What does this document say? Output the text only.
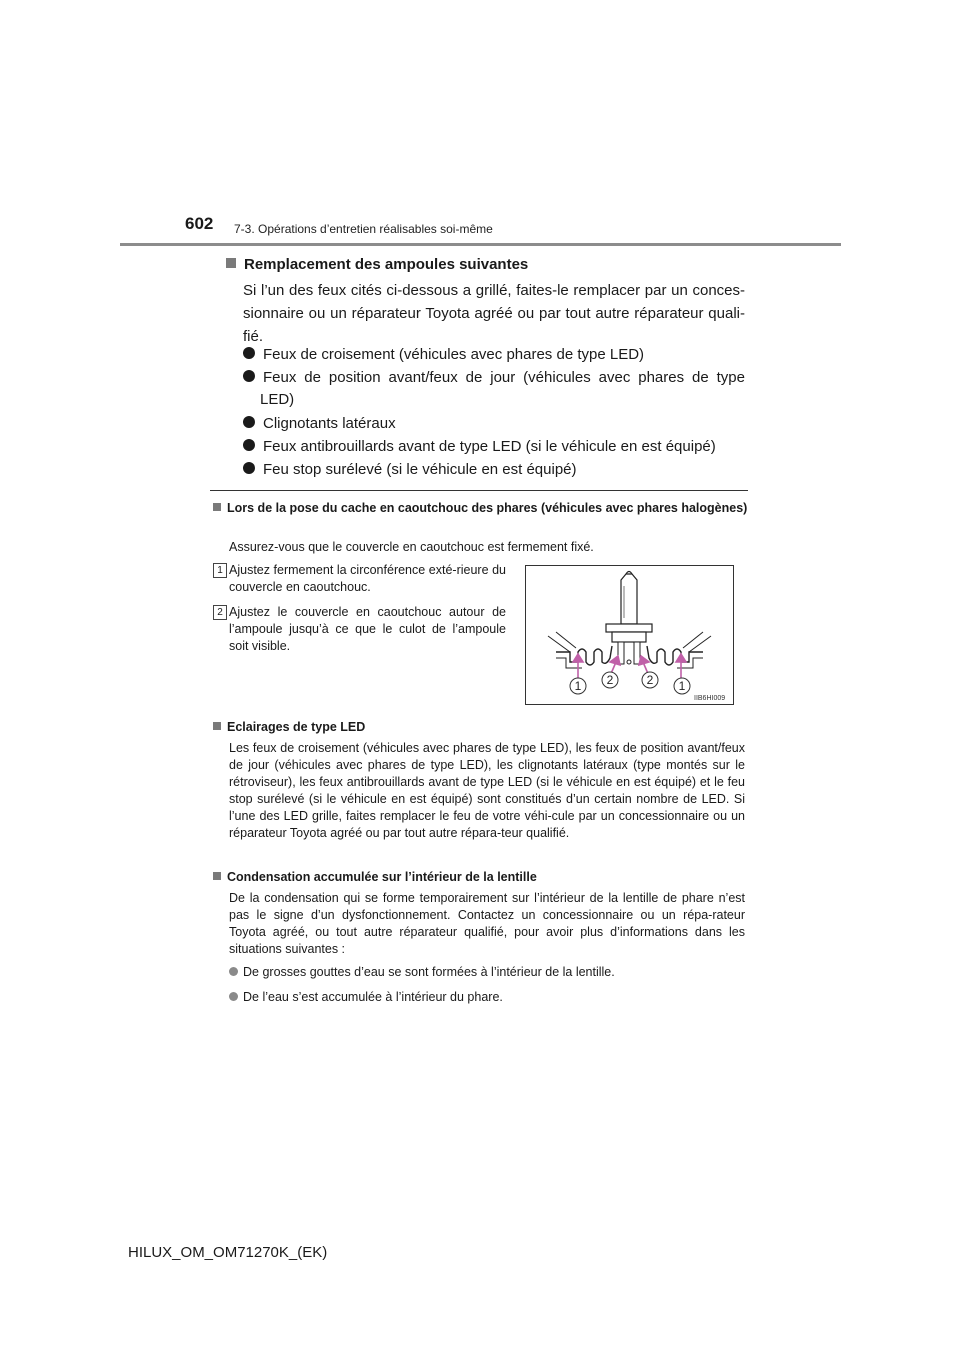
602 7-3. Opérations d’entretien réalisables soi-même
Remplacement des ampoules suivantes
Si l’un des feux cités ci-dessous a grillé, faites-le remplacer par un conces-sionnaire ou un réparateur Toyota agréé ou par tout autre réparateur quali-fié.
Feux de croisement (véhicules avec phares de type LED)
Feux de position avant/feux de jour (véhicules avec phares de type LED)
Clignotants latéraux
Feux antibrouillards avant de type LED (si le véhicule en est équipé)
Feu stop surélevé (si le véhicule en est équipé)
Lors de la pose du cache en caoutchouc des phares (véhicules avec phares halogènes)
Assurez-vous que le couvercle en caoutchouc est fermement fixé.
1 Ajustez fermement la circonférence exté-rieure du couvercle en caoutchouc.
2 Ajustez le couvercle en caoutchouc autour de l’ampoule jusqu’à ce que le culot de l’ampoule soit visible.
1 2	2 1
IIB6HI009
Eclairages de type LED
Les feux de croisement (véhicules avec phares de type LED), les feux de position avant/feux de jour (véhicules avec phares de type LED), les clignotants latéraux (type montés sur le rétroviseur), les feux antibrouillards avant de type LED (si le véhicule en est équipé) et le feu stop surélevé (si le véhicule en est équipé) sont constitués d’un certain nombre de LED. Si l’une des LED grille, faites remplacer le feu de votre véhi-cule par un concessionnaire ou un réparateur Toyota agréé ou par tout autre répara-teur qualifié.
Condensation accumulée sur l’intérieur de la lentille
De la condensation qui se forme temporairement sur l’intérieur de la lentille de phare n’est pas le signe d’un dysfonctionnement. Contactez un concessionnaire ou un répa-rateur Toyota agréé, ou tout autre réparateur qualifié, pour avoir plus d’informations dans les situations suivantes :
De grosses gouttes d’eau se sont formées à l’intérieur de la lentille.
De l’eau s’est accumulée à l’intérieur du phare.
HILUX_OM_OM71270K_(EK)
